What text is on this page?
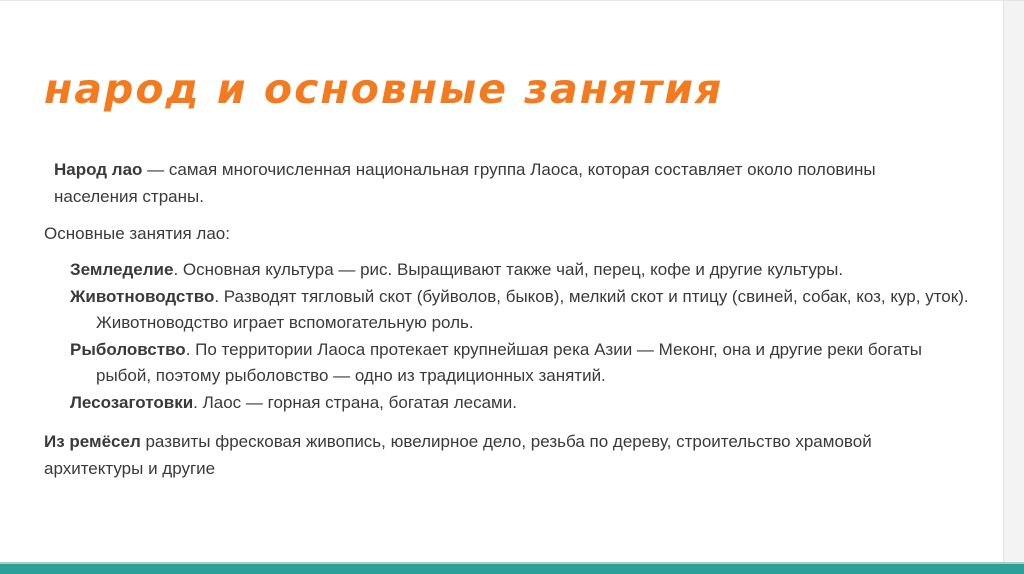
народ и основные занятия
Народ лао — самая многочисленная национальная группа Лаоса, которая составляет около половины населения страны.
Основные занятия лао:
Земледелие. Основная культура — рис. Выращивают также чай, перец, кофе и другие культуры.
Животноводство. Разводят тягловый скот (буйволов, быков), мелкий скот и птицу (свиней, собак, коз, кур, уток). Животноводство играет вспомогательную роль.
Рыболовство. По территории Лаоса протекает крупнейшая река Азии — Меконг, она и другие реки богаты рыбой, поэтому рыболовство — одно из традиционных занятий.
Лесозаготовки. Лаос — горная страна, богатая лесами.
Из ремёсел развиты фресковая живопись, ювелирное дело, резьба по дереву, строительство храмовой архитектуры и другие
